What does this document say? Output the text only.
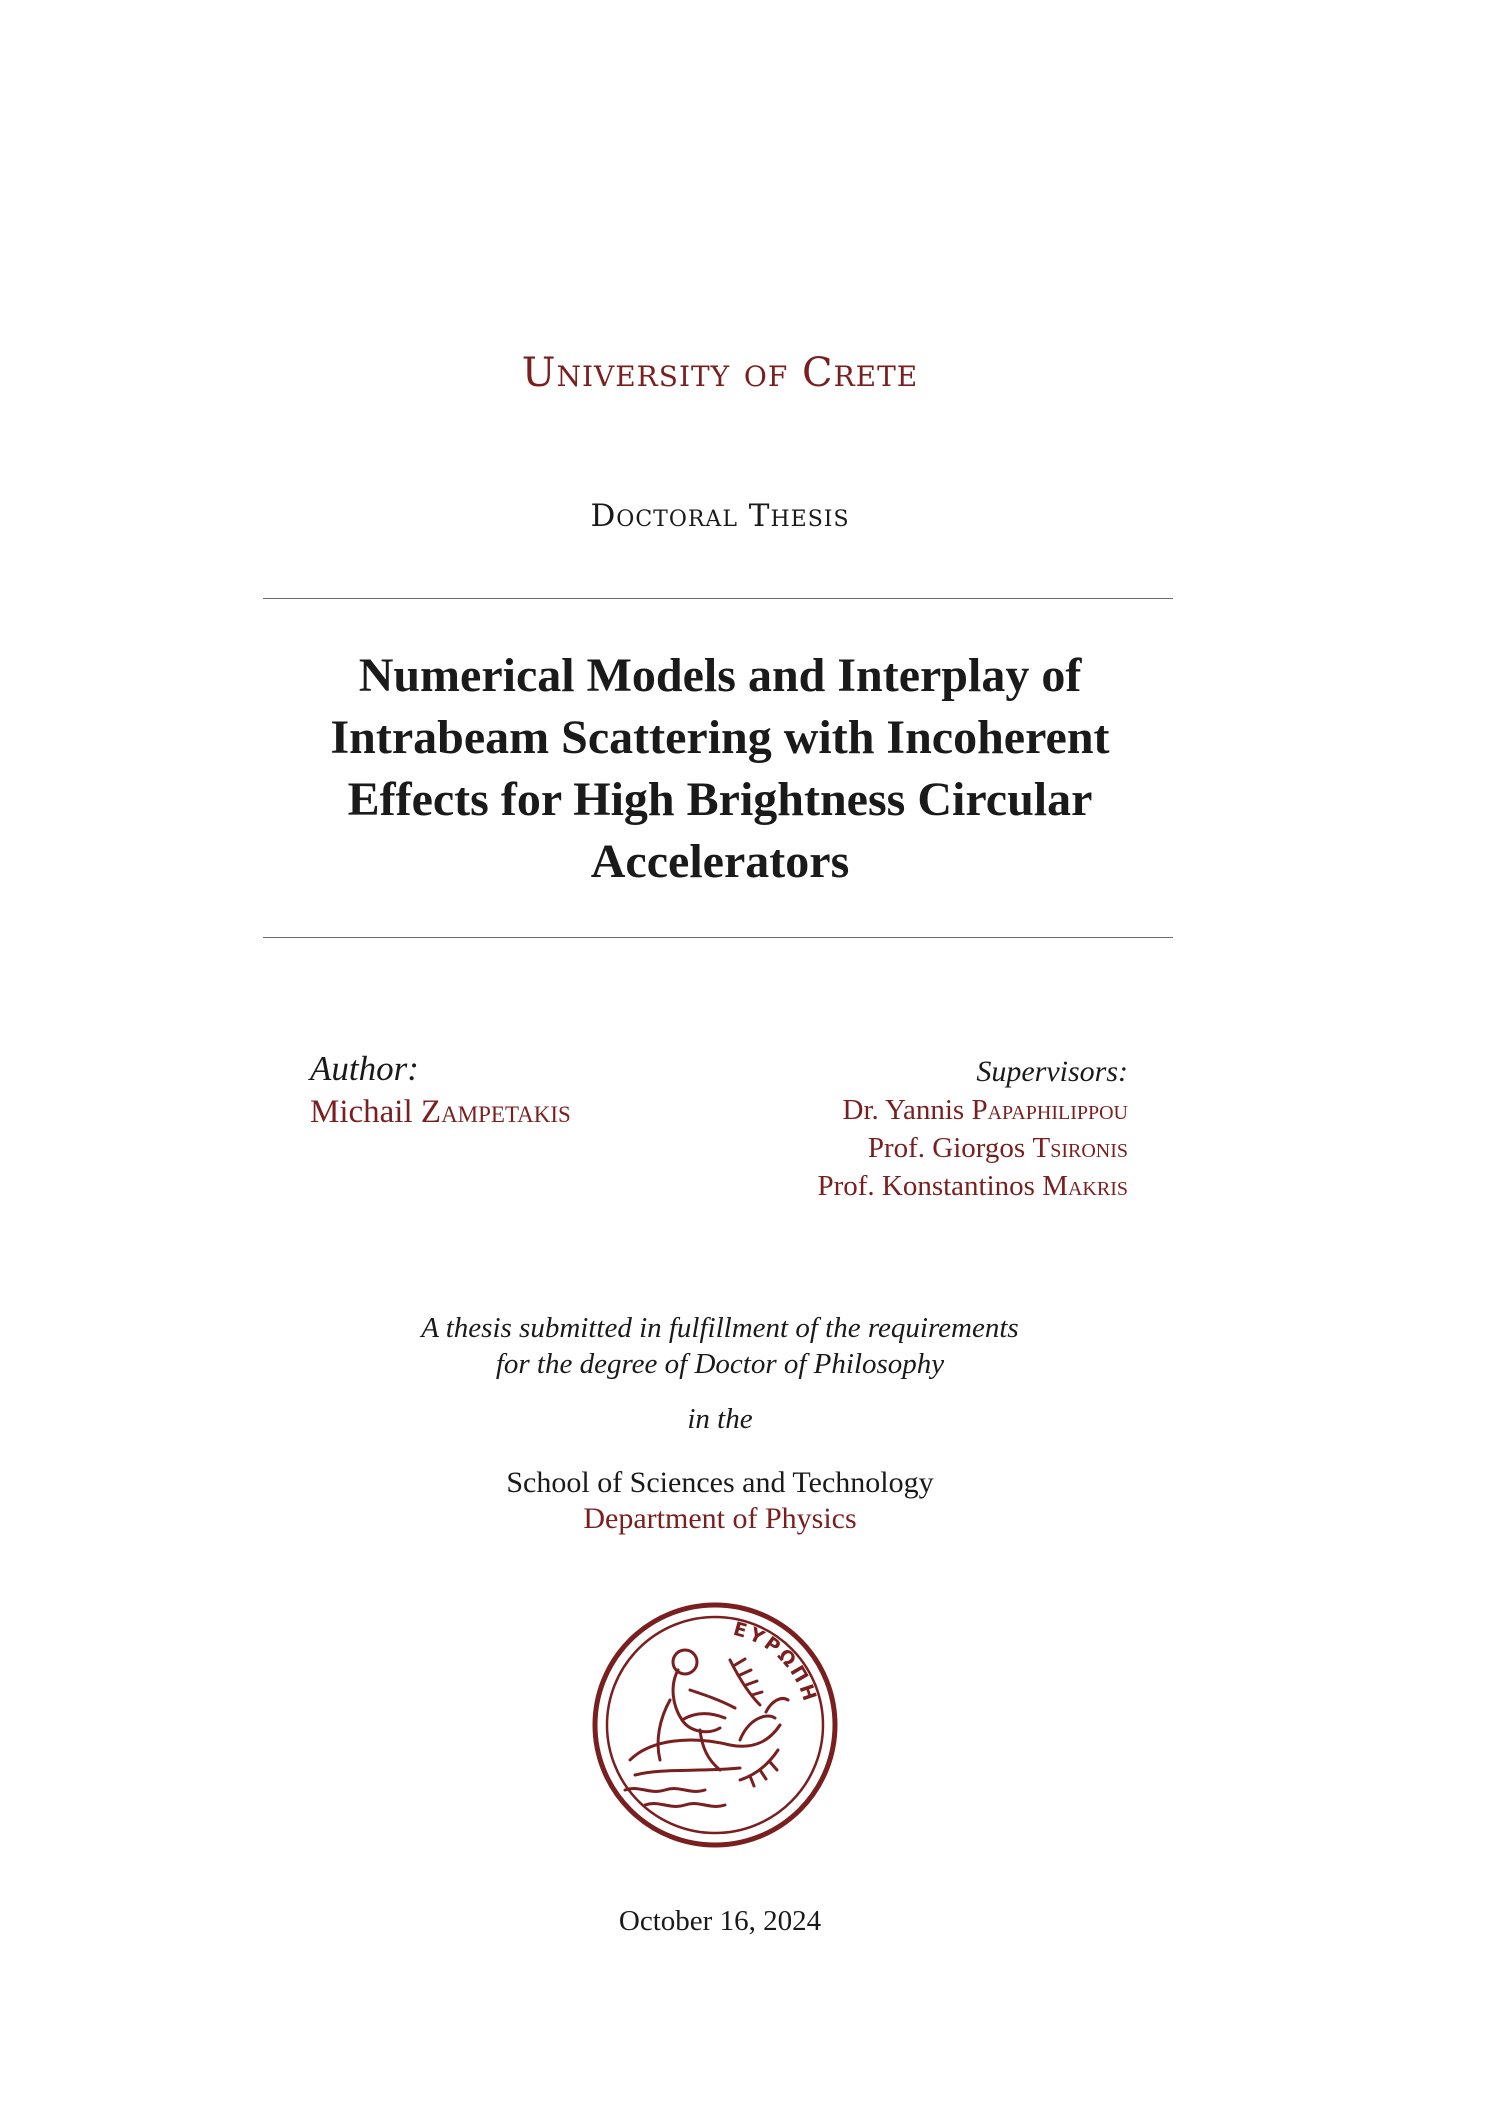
University of Crete
Doctoral Thesis
Numerical Models and Interplay of
Intrabeam Scattering with Incoherent
Effects for High Brightness Circular
Accelerators
Author:
Michail Zampetakis
Supervisors:
Dr. Yannis Papaphilippou
Prof. Giorgos Tsironis
Prof. Konstantinos Makris
A thesis submitted in fulfillment of the requirements
for the degree of Doctor of Philosophy
in the
School of Sciences and Technology
Department of Physics
ΕΥΡΩΠΗ
October 16, 2024
